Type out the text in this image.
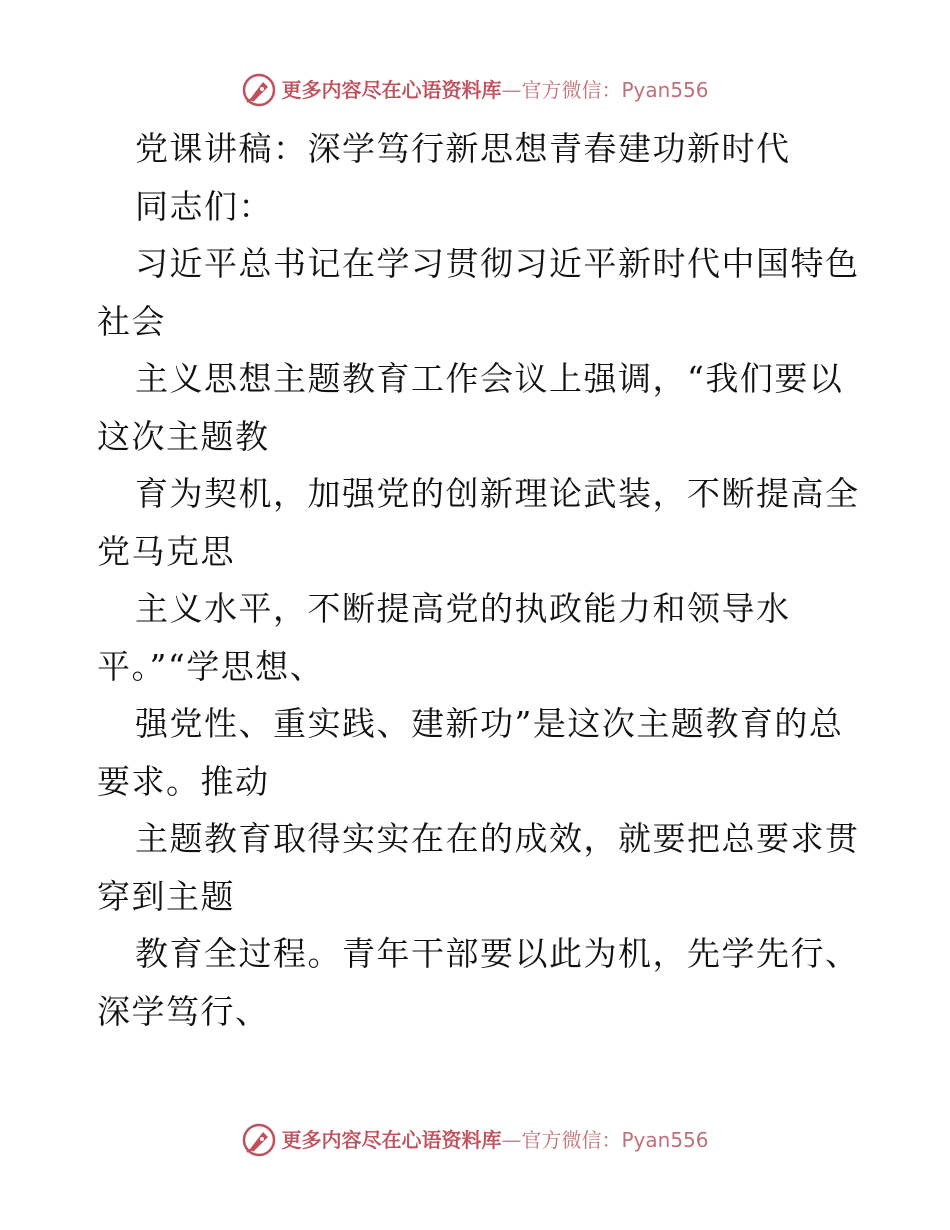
更多内容尽在心语资料库—官方微信：Pyan556
党课讲稿：深学笃行新思想青春建功新时代
同志们：
习近平总书记在学习贯彻习近平新时代中国特色
社会
主义思想主题教育工作会议上强调，“我们要以
这次主题教
育为契机，加强党的创新理论武装，不断提高全
党马克思
主义水平，不断提高党的执政能力和领导水
平。”“学思想、
强党性、重实践、建新功”是这次主题教育的总
要求。推动
主题教育取得实实在在的成效，就要把总要求贯
穿到主题
教育全过程。青年干部要以此为机，先学先行、
深学笃行、
更多内容尽在心语资料库—官方微信：Pyan556
